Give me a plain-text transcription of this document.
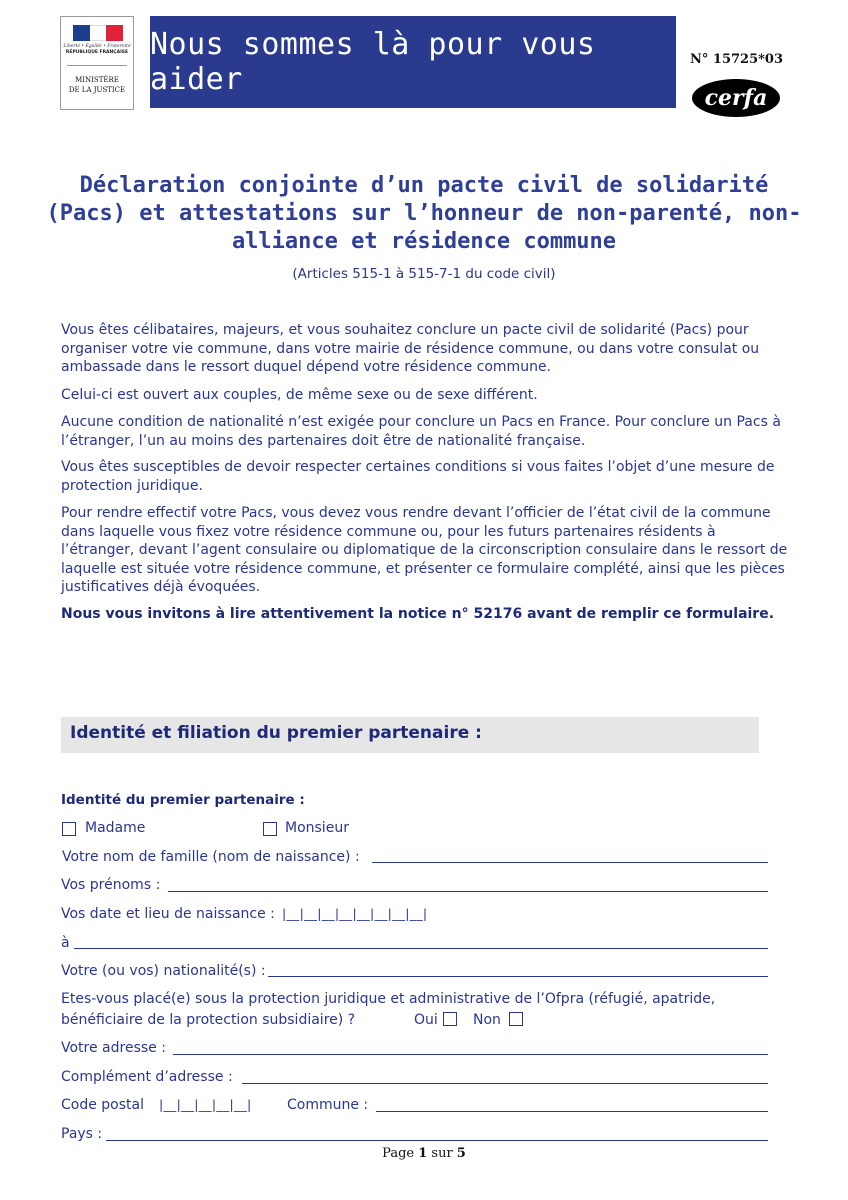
Liberté • Égalité • Fraternité
RÉPUBLIQUE FRANÇAISE
MINISTÈRE
DE LA JUSTICE
Nous sommes là pour vous aider
N° 15725*03
cerfa
Déclaration conjointe d’un pacte civil de solidarité (Pacs) et attestations sur l’honneur de non-parenté, non-alliance et résidence commune
(Articles 515-1 à 515-7-1 du code civil)
Vous êtes célibataires, majeurs, et vous souhaitez conclure un pacte civil de solidarité (Pacs) pour organiser votre vie commune, dans votre mairie de résidence commune, ou dans votre consulat ou ambassade dans le ressort duquel dépend votre résidence commune.
Celui-ci est ouvert aux couples, de même sexe ou de sexe différent.
Aucune condition de nationalité n’est exigée pour conclure un Pacs en France. Pour conclure un Pacs à l’étranger, l’un au moins des partenaires doit être de nationalité française.
Vous êtes susceptibles de devoir respecter certaines conditions si vous faites l’objet d’une mesure de protection juridique.
Pour rendre effectif votre Pacs, vous devez vous rendre devant l’officier de l’état civil de la commune dans laquelle vous fixez votre résidence commune ou, pour les futurs partenaires résidents à l’étranger, devant l’agent consulaire ou diplomatique de la circonscription consulaire dans le ressort de laquelle est située votre résidence commune, et présenter ce formulaire complété, ainsi que les pièces justificatives déjà évoquées.
Nous vous invitons à lire attentivement la notice n° 52176 avant de remplir ce formulaire.
Identité et filiation du premier partenaire :
Identité du premier partenaire :
Madame	Monsieur
Votre nom de famille (nom de naissance) :
Vos prénoms :
Vos date et lieu de naissance : |__|__|__|__|__|__|__|__|
à
Votre (ou vos) nationalité(s) :
Etes-vous placé(e) sous la protection juridique et administrative de l’Ofpra (réfugié, apatride,
bénéficiaire de la protection subsidiaire) ?	Oui	Non
Votre adresse :
Complément d’adresse :
Code postal |__|__|__|__|__|	Commune :
Pays :
Page 1 sur 5
